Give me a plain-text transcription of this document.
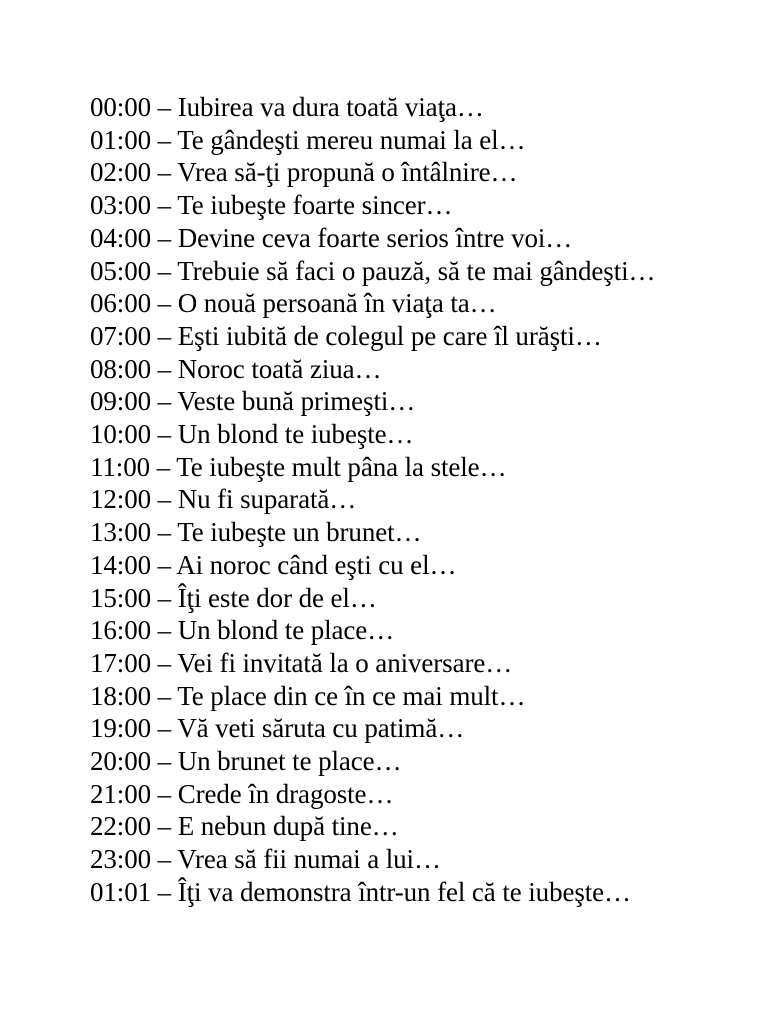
00:00 – Iubirea va dura toată viaţa…
01:00 – Te gândeşti mereu numai la el…
02:00 – Vrea să-ţi propună o întâlnire…
03:00 – Te iubeşte foarte sincer…
04:00 – Devine ceva foarte serios între voi…
05:00 – Trebuie să faci o pauză, să te mai gândeşti…
06:00 – O nouă persoană în viaţa ta…
07:00 – Eşti iubită de colegul pe care îl urăşti…
08:00 – Noroc toată ziua…
09:00 – Veste bună primeşti…
10:00 – Un blond te iubeşte…
11:00 – Te iubeşte mult pâna la stele…
12:00 – Nu fi suparată…
13:00 – Te iubeşte un brunet…
14:00 – Ai noroc când eşti cu el…
15:00 – Îţi este dor de el…
16:00 – Un blond te place…
17:00 – Vei fi invitată la o aniversare…
18:00 – Te place din ce în ce mai mult…
19:00 – Vă veti săruta cu patimă…
20:00 – Un brunet te place…
21:00 – Crede în dragoste…
22:00 – E nebun după tine…
23:00 – Vrea să fii numai a lui…
01:01 – Îţi va demonstra într-un fel că te iubeşte…
